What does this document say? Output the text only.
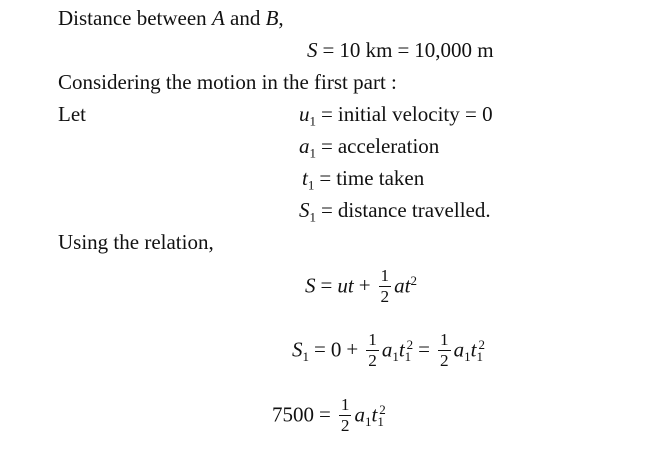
Distance between A and B,
S = 10 km = 10,000 m
Considering the motion in the first part :
Let	$u_1$ = initial velocity = 0
$a_1$ = acceleration
$t_1$ = time taken
$S_1$ = distance travelled.
Using the relation,
S = ut + $\frac{1}{2} at^2$
$S_1 = 0 + \frac{1}{2} a_1t_1^2 = \frac{1}{2} a_1t_1^2$
$7500 = \frac{1}{2} a_1t_1^2$
